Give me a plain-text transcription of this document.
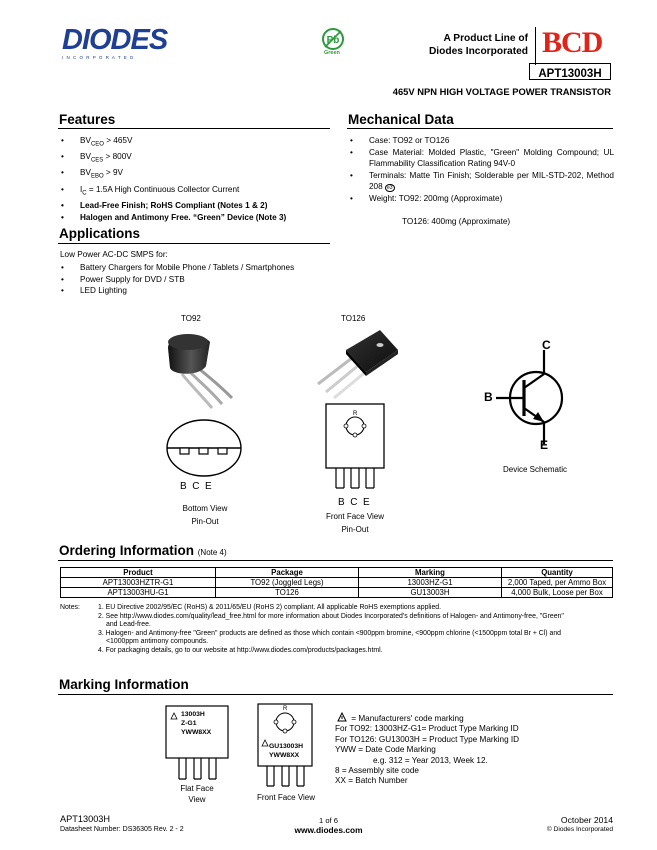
DIODES
I N C O R P O R A T E D
Pb
Green
A Product Line of
Diodes Incorporated BCD
APT13003H
465V NPN HIGH VOLTAGE POWER TRANSISTOR
Features
• $BV_{CEO} > 465V$
• $BV_{CES} > 800V$
• $BV_{EBO} > 9V$
• $I_C = 1.5A$ High Continuous Collector Current
• Lead-Free Finish; RoHS Compliant (Notes 1 & 2)
• Halogen and Antimony Free. “Green” Device (Note 3)
Mechanical Data
• Case: TO92 or TO126
• Case Material: Molded Plastic, "Green" Molding Compound; UL Flammability Classification Rating 94V-0
• Terminals: Matte Tin Finish; Solderable per MIL-STD-202, Method 208 e3
• Weight: TO92: 200mg (Approximate)
TO126: 400mg (Approximate)
Applications
Low Power AC-DC SMPS for:
• Battery Chargers for Mobile Phone / Tablets / Smartphones
• Power Supply for DVD / STB
• LED Lighting
TO92	TO126
B  C  E
Bottom View
Pin-Out
R
B  C  E
Front Face View
Pin-Out
C
B
E
Device Schematic
Ordering Information (Note 4)
Product	Package	Marking	Quantity
APT13003HZTR-G1	TO92 (Joggled Legs)	13003HZ-G1	2,000 Taped, per Ammo Box
APT13003HU-G1	TO126	GU13003H	4,000 Bulk, Loose per Box
Notes:	1. EU Directive 2002/95/EC (RoHS) & 2011/65/EU (RoHS 2) compliant. All applicable RoHS exemptions applied.
2. See http://www.diodes.com/quality/lead_free.html for more information about Diodes Incorporated's definitions of Halogen- and Antimony-free, "Green"
and Lead-free.
3. Halogen- and Antimony-free "Green" products are defined as those which contain <900ppm bromine, <900ppm chlorine (<1500ppm total Br + Cl) and
<1000ppm antimony compounds.
4. For packaging details, go to our website at http://www.diodes.com/products/packages.html.
Marking Information
13003H
Z-G1
YWW8XX
Flat Face
View
R
GU13003H
YWW8XX
Front Face View
= Manufacturers' code marking
For TO92: 13003HZ-G1= Product Type Marking ID
For TO126: GU13003H = Product Type Marking ID
YWW = Date Code Marking
e.g. 312 = Year 2013, Week 12.
8 = Assembly site code
XX = Batch Number
APT13003H
Datasheet Number: DS36305 Rev. 2 - 2
1 of 6
www.diodes.com
October 2014
© Diodes Incorporated
